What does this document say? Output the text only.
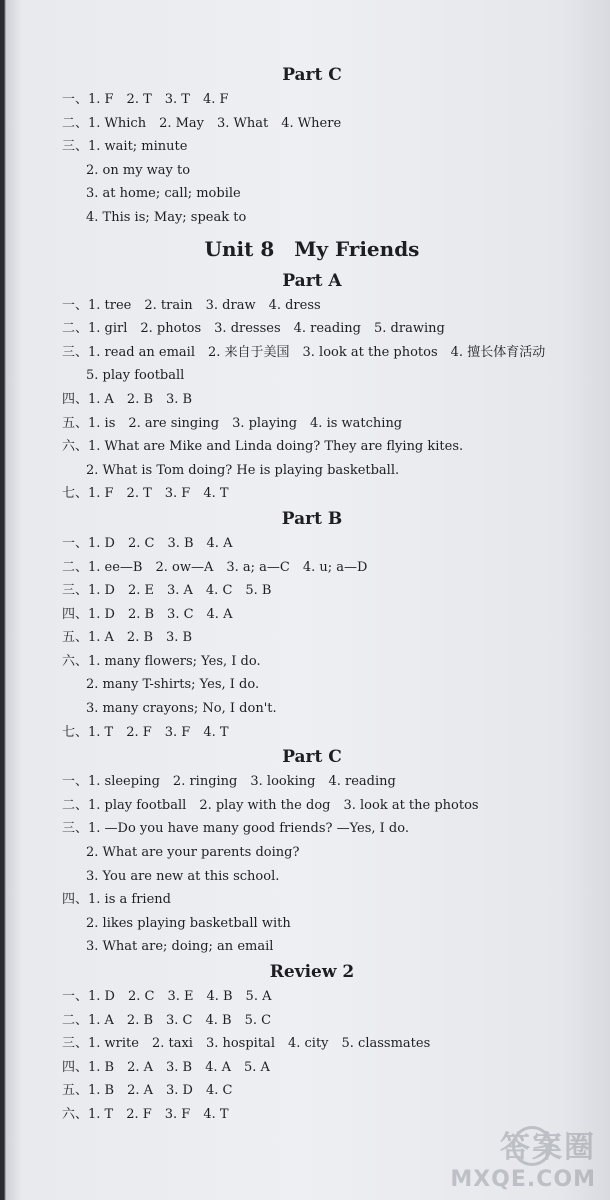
Part C
一、1. F　2. T　3. T　4. F
二、1. Which　2. May　3. What　4. Where
三、1. wait; minute
2. on my way to
3. at home; call; mobile
4. This is; May; speak to
Unit 8　My Friends
Part A
一、1. tree　2. train　3. draw　4. dress
二、1. girl　2. photos　3. dresses　4. reading　5. drawing
三、1. read an email　2. 来自于美国　3. look at the photos　4. 擅长体育活动
5. play football
四、1. A　2. B　3. B
五、1. is　2. are singing　3. playing　4. is watching
六、1. What are Mike and Linda doing? They are flying kites.
2. What is Tom doing? He is playing basketball.
七、1. F　2. T　3. F　4. T
Part B
一、1. D　2. C　3. B　4. A
二、1. ee—B　2. ow—A　3. a; a—C　4. u; a—D
三、1. D　2. E　3. A　4. C　5. B
四、1. D　2. B　3. C　4. A
五、1. A　2. B　3. B
六、1. many flowers; Yes, I do.
2. many T-shirts; Yes, I do.
3. many crayons; No, I don't.
七、1. T　2. F　3. F　4. T
Part C
一、1. sleeping　2. ringing　3. looking　4. reading
二、1. play football　2. play with the dog　3. look at the photos
三、1. —Do you have many good friends? —Yes, I do.
2. What are your parents doing?
3. You are new at this school.
四、1. is a friend
2. likes playing basketball with
3. What are; doing; an email
Review 2
一、1. D　2. C　3. E　4. B　5. A
二、1. A　2. B　3. C　4. B　5. C
三、1. write　2. taxi　3. hospital　4. city　5. classmates
四、1. B　2. A　3. B　4. A　5. A
五、1. B　2. A　3. D　4. C
六、1. T　2. F　3. F　4. T
答案圈
MXQE.COM
